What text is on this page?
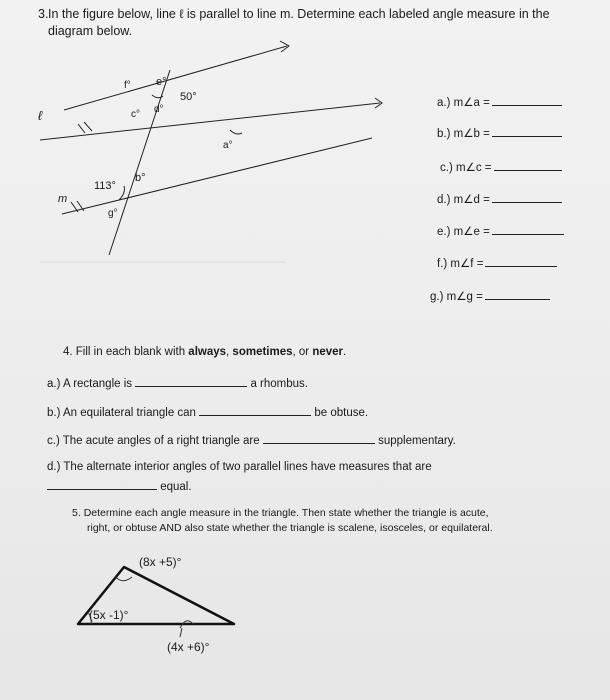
3. In the figure below, line ℓ is parallel to line m. Determine each labeled angle measure in the diagram below.
ℓ
m
f° e°
c° d°
50°
a°
113°
b°
g°
a.) m∠a =
b.) m∠b =
c.) m∠c =
d.) m∠d =
e.) m∠e =
f.) m∠f =
g.) m∠g =
4. Fill in each blank with always, sometimes, or never.
a.) A rectangle is	a rhombus.
b.) An equilateral triangle can	be obtuse.
c.) The acute angles of a right triangle are	supplementary.
d.) The alternate interior angles of two parallel lines have measures that are
equal.
5. Determine each angle measure in the triangle. Then state whether the triangle is acute,
right, or obtuse AND also state whether the triangle is scalene, isosceles, or equilateral.
(8x +5)°
(5x -1)°
(4x +6)°
